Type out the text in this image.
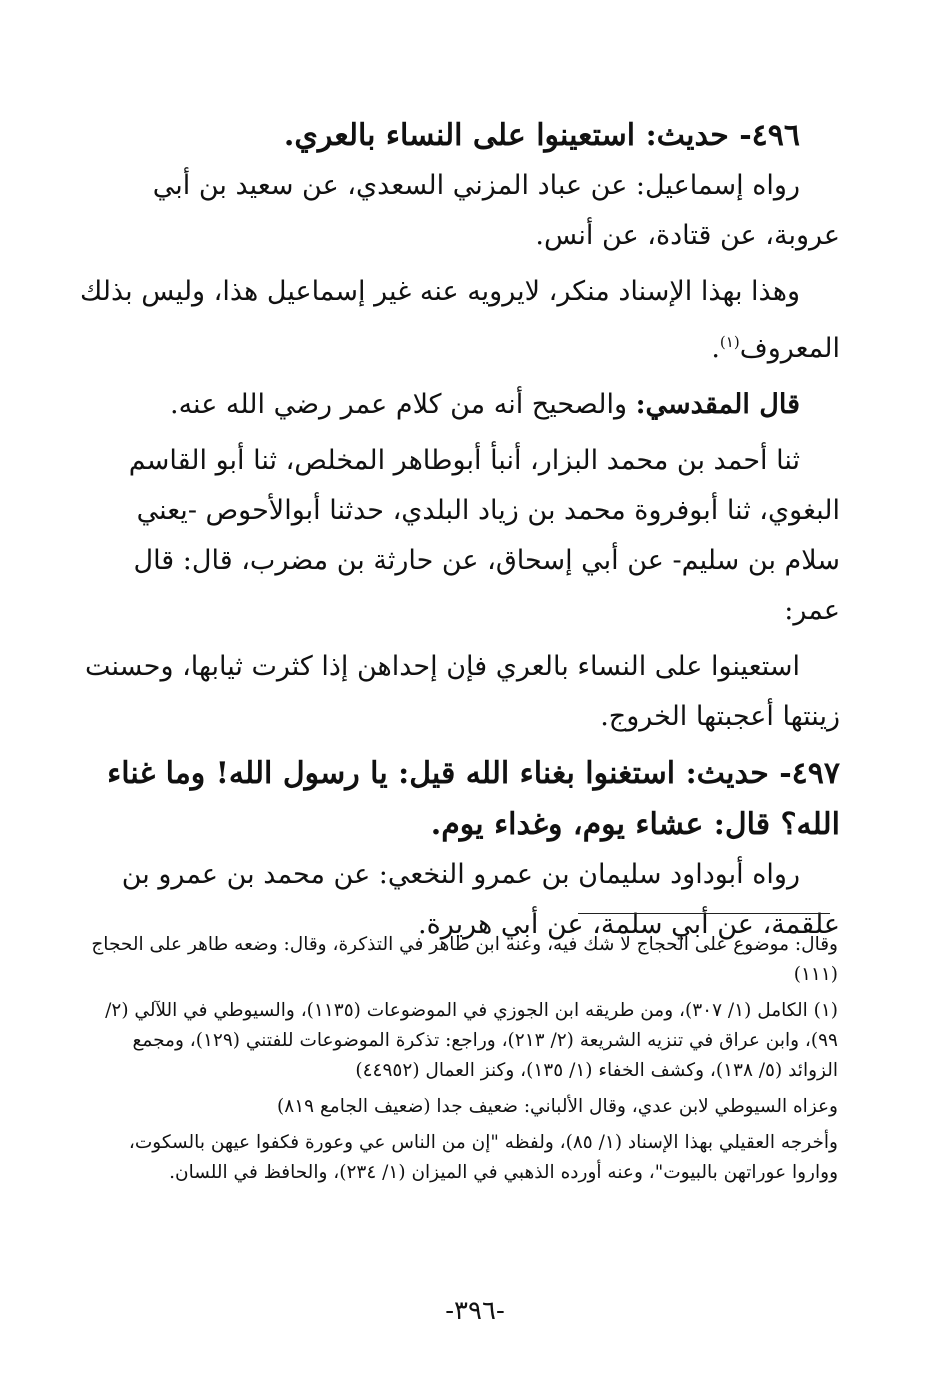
٤٩٦- حديث: استعينوا على النساء بالعري.

رواه إسماعيل: عن عباد المزني السعدي، عن سعيد بن أبي عروبة، عن قتادة، عن أنس.

وهذا بهذا الإسناد منكر، لايرويه عنه غير إسماعيل هذا، وليس بذلك المعروف$^{(١)}$.

قال المقدسي: والصحيح أنه من كلام عمر رضي الله عنه.

ثنا أحمد بن محمد البزار، أنبأ أبوطاهر المخلص، ثنا أبو القاسم البغوي، ثنا أبوفروة محمد بن زياد البلدي، حدثنا أبوالأحوص -يعني سلام بن سليم- عن أبي إسحاق، عن حارثة بن مضرب، قال: قال عمر:

استعينوا على النساء بالعري فإن إحداهن إذا كثرت ثيابها، وحسنت زينتها أعجبتها الخروج.

٤٩٧- حديث: استغنوا بغناء الله قيل: يا رسول الله! وما غناء الله؟ قال: عشاء يوم، وغداء يوم.

رواه أبوداود سليمان بن عمرو النخعي: عن محمد بن عمرو بن علقمة، عن أبي سلمة، عن أبي هريرة.

وقال: موضوع على الحجاج لا شك فيه، وعنه ابن طاهر في التذكرة، وقال: وضعه طاهر على الحجاج (١١١)

(١) الكامل (١/ ٣٠٧)، ومن طريقه ابن الجوزي في الموضوعات (١١٣٥)، والسيوطي في اللآلي (٢/ ٩٩)، وابن عراق في تنزيه الشريعة (٢/ ٢١٣)، وراجع: تذكرة الموضوعات للفتني (١٢٩)، ومجمع الزوائد (٥/ ١٣٨)، وكشف الخفاء (١/ ١٣٥)، وكنز العمال (٤٤٩٥٢)

وعزاه السيوطي لابن عدي، وقال الألباني: ضعيف جدا (ضعيف الجامع ٨١٩)

وأخرجه العقيلي بهذا الإسناد (١/ ٨٥)، ولفظه "إن من الناس عي وعورة فكفوا عيهن بالسكوت، وواروا عوراتهن بالبيوت"، وعنه أورده الذهبي في الميزان (١/ ٢٣٤)، والحافظ في اللسان.

-٣٩٦-
